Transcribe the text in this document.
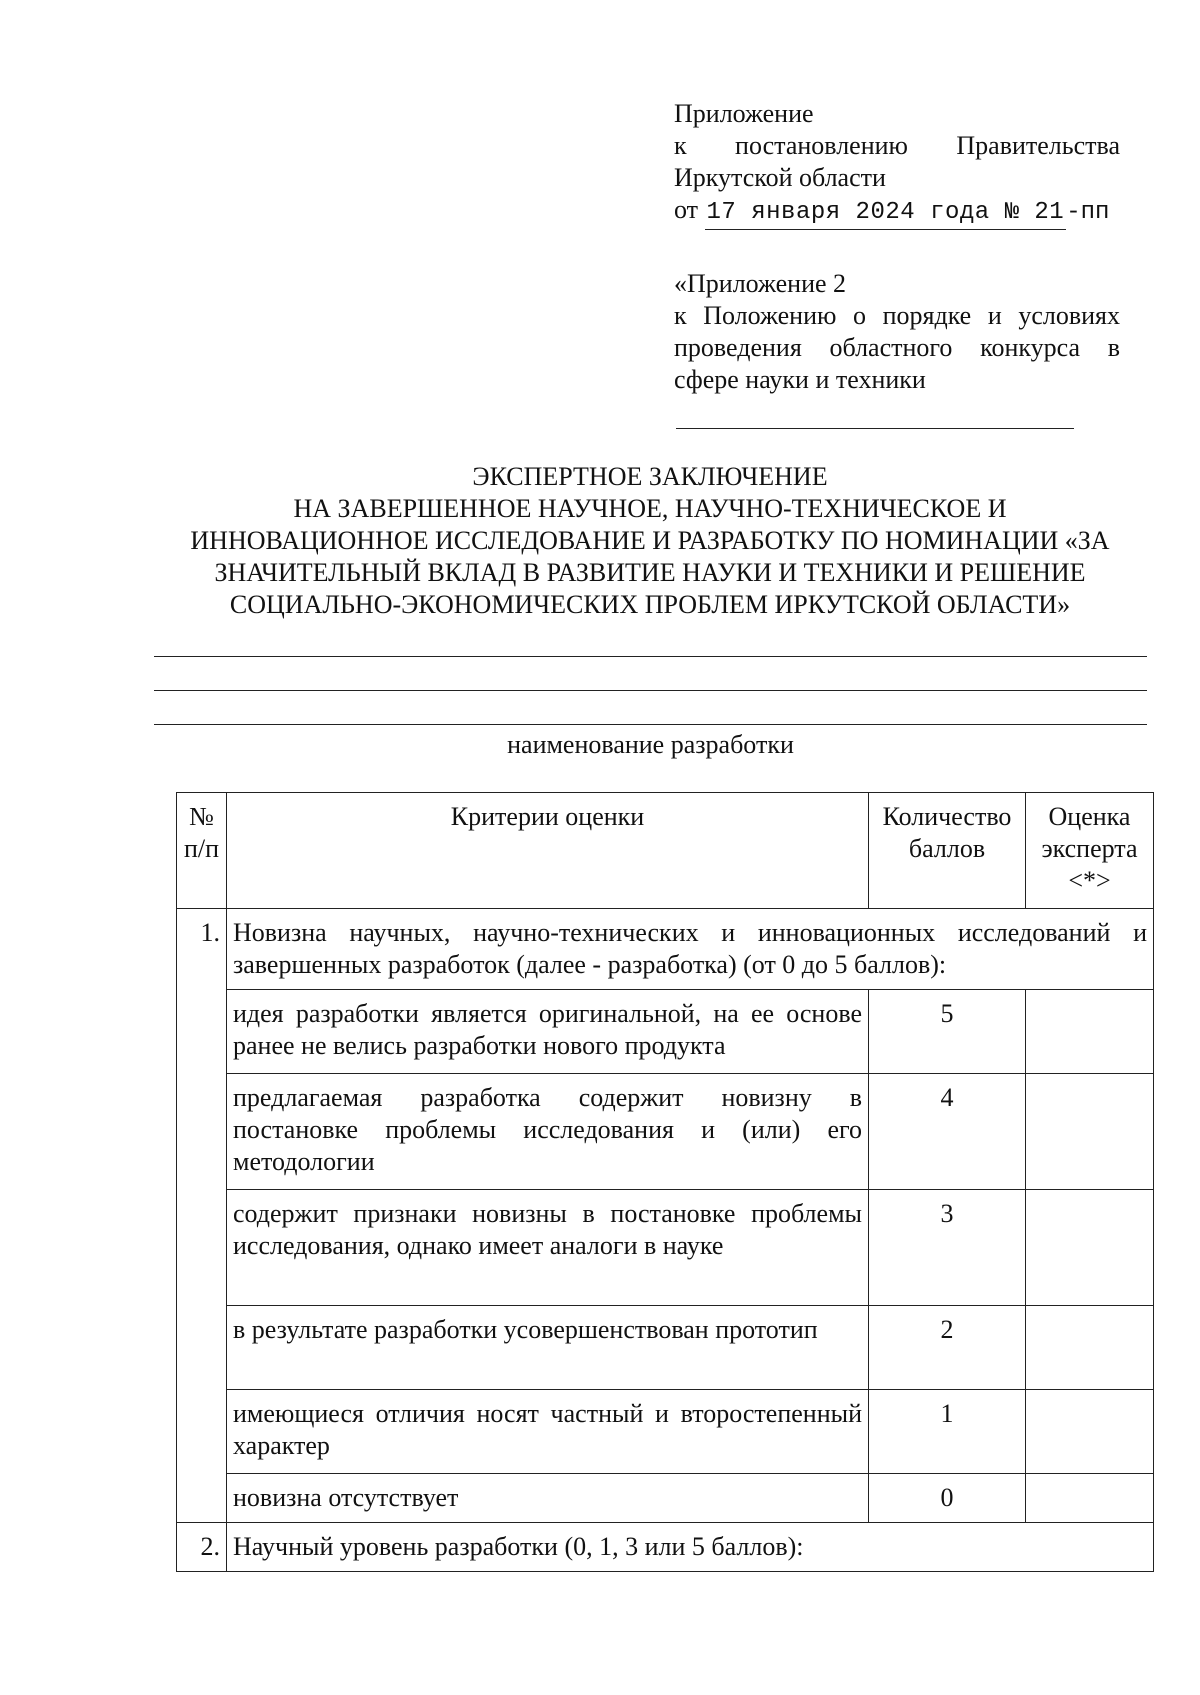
Приложение
к постановлению Правительства
Иркутской области
от 17 января 2024 года № 21-пп
«Приложение 2
к Положению о порядке и условиях
проведения областного конкурса в
сфере науки и техники
ЭКСПЕРТНОЕ ЗАКЛЮЧЕНИЕ
НА ЗАВЕРШЕННОЕ НАУЧНОЕ, НАУЧНО-ТЕХНИЧЕСКОЕ И
ИННОВАЦИОННОЕ ИССЛЕДОВАНИЕ И РАЗРАБОТКУ ПО НОМИНАЦИИ «ЗА
ЗНАЧИТЕЛЬНЫЙ ВКЛАД В РАЗВИТИЕ НАУКИ И ТЕХНИКИ И РЕШЕНИЕ
СОЦИАЛЬНО-ЭКОНОМИЧЕСКИХ ПРОБЛЕМ ИРКУТСКОЙ ОБЛАСТИ»
наименование разработки
№ п/п	Критерии оценки	Количество баллов	Оценка эксперта <*>
1.	Новизна научных, научно-технических и инновационных исследований и завершенных разработок (далее - разработка) (от 0 до 5 баллов):		
	идея разработки является оригинальной, на ее основе ранее не велись разработки нового продукта	5	
	предлагаемая разработка содержит новизну в постановке проблемы исследования и (или) его методологии	4	
	содержит признаки новизны в постановке проблемы исследования, однако имеет аналоги в науке	3	
	в результате разработки усовершенствован прототип	2	
	имеющиеся отличия носят частный и второстепенный характер	1	
	новизна отсутствует	0	
2.	Научный уровень разработки (0, 1, 3 или 5 баллов):		
